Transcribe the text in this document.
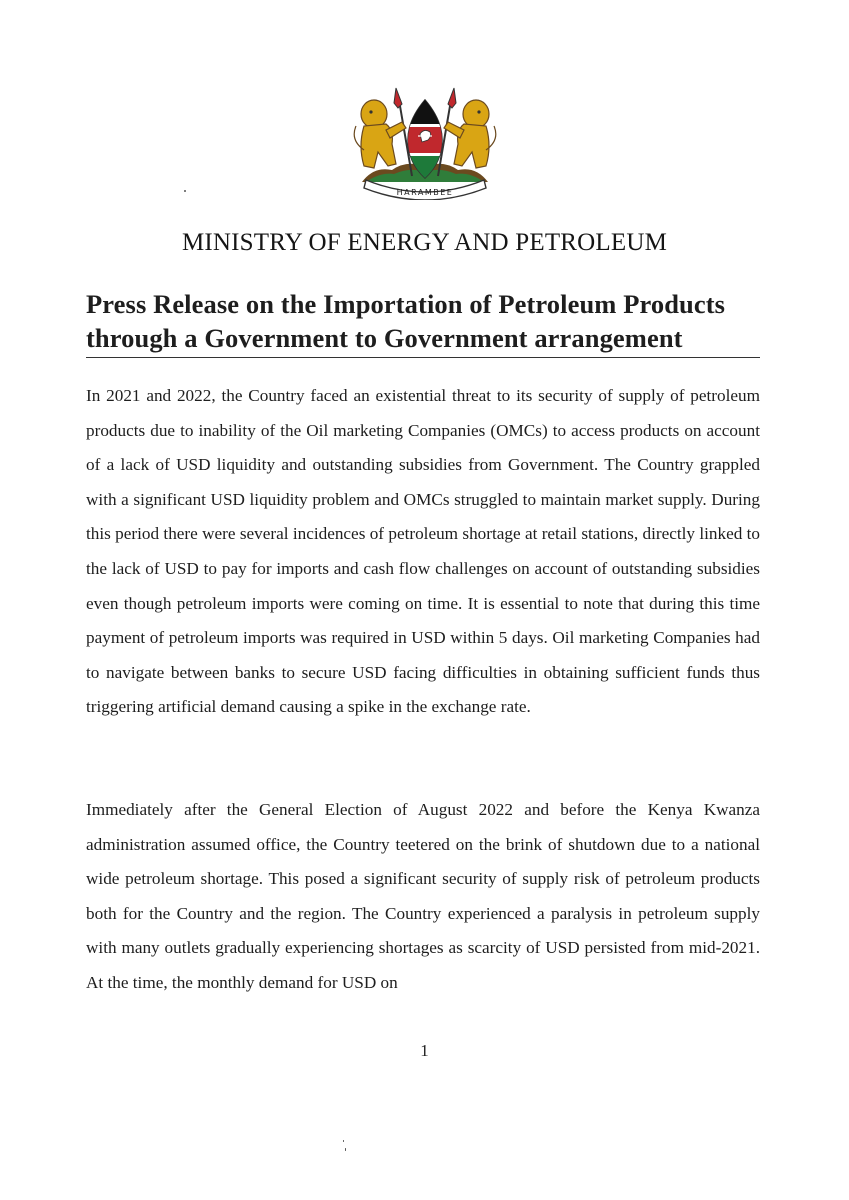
HARAMBEE
MINISTRY OF ENERGY AND PETROLEUM
Press Release on the Importation of Petroleum Products
through a Government to Government arrangement

In 2021 and 2022, the Country faced an existential threat to its security of supply of petroleum products due to inability of the Oil marketing Companies (OMCs) to access products on account of a lack of USD liquidity and outstanding subsidies from Government. The Country grappled with a significant USD liquidity problem and OMCs struggled to maintain market supply. During this period there were several incidences of petroleum shortage at retail stations, directly linked to the lack of USD to pay for imports and cash flow challenges on account of outstanding subsidies even though petroleum imports were coming on time. It is essential to note that during this time payment of petroleum imports was required in USD within 5 days. Oil marketing Companies had to navigate between banks to secure USD facing difficulties in obtaining sufficient funds thus triggering artificial demand causing a spike in the exchange rate.

Immediately after the General Election of August 2022 and before the Kenya Kwanza administration assumed office, the Country teetered on the brink of shutdown due to a national wide petroleum shortage. This posed a significant security of supply risk of petroleum products both for the Country and the region. The Country experienced a paralysis in petroleum supply with many outlets gradually experiencing shortages as scarcity of USD persisted from mid-2021. At the time, the monthly demand for USD on

1
